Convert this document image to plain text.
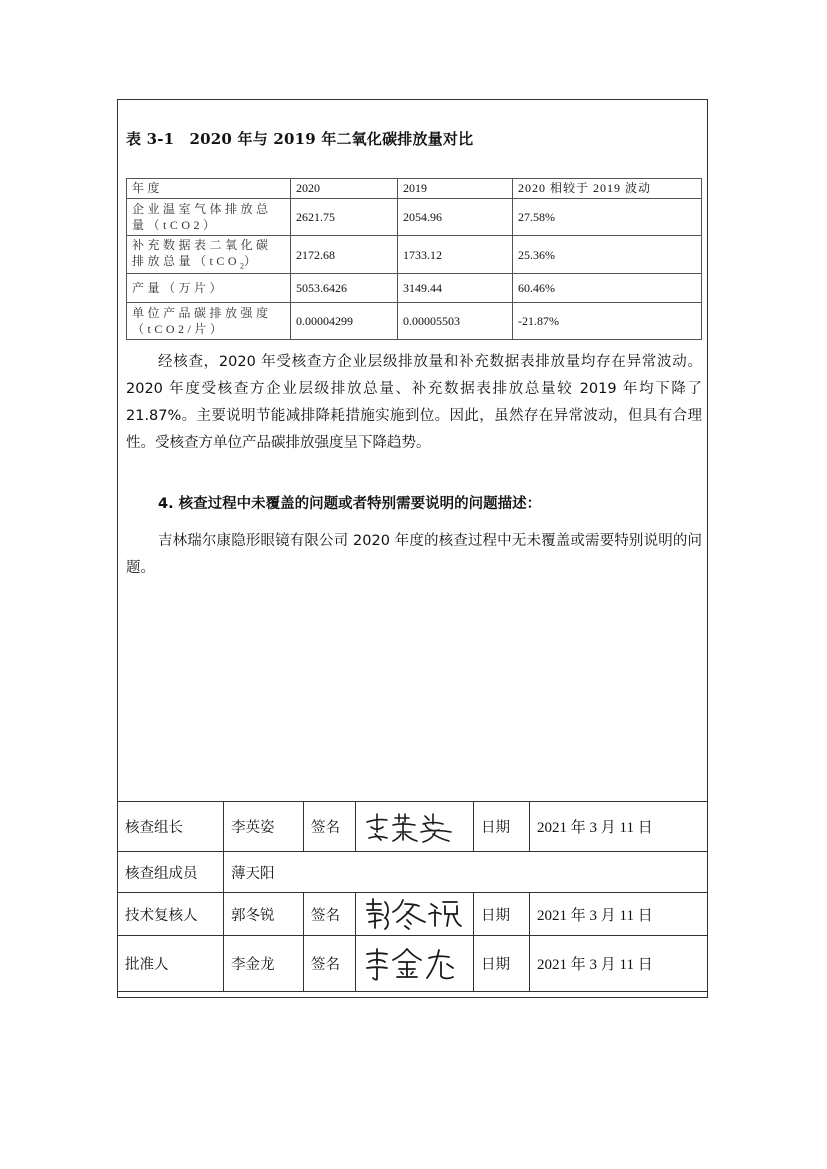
表 3-1　2020 年与 2019 年二氧化碳排放量对比
年度	2020	2019	2020 相较于 2019 波动
企业温室气体排放总量（tCO2）	2621.75	2054.96	27.58%
补充数据表二氧化碳排放总量（tCO$_2$）	2172.68	1733.12	25.36%
产量（万片）	5053.6426	3149.44	60.46%
单位产品碳排放强度（tCO2/片）	0.00004299	0.00005503	-21.87%

经核查，2020 年受核查方企业层级排放量和补充数据表排放量均存在异常波动。2020 年度受核查方企业层级排放总量、补充数据表排放总量较 2019 年均下降了 21.87%。主要说明节能减排降耗措施实施到位。因此，虽然存在异常波动，但具有合理性。受核查方单位产品碳排放强度呈下降趋势。

4. 核查过程中未覆盖的问题或者特别需要说明的问题描述：

吉林瑞尔康隐形眼镜有限公司 2020 年度的核查过程中无未覆盖或需要特别说明的问题。

核查组长	李英姿	签名		日期	2021 年 3 月 11 日
核查组成员	薄天阳				
技术复核人	郭冬锐	签名		日期	2021 年 3 月 11 日
批准人	李金龙	签名		日期	2021 年 3 月 11 日
